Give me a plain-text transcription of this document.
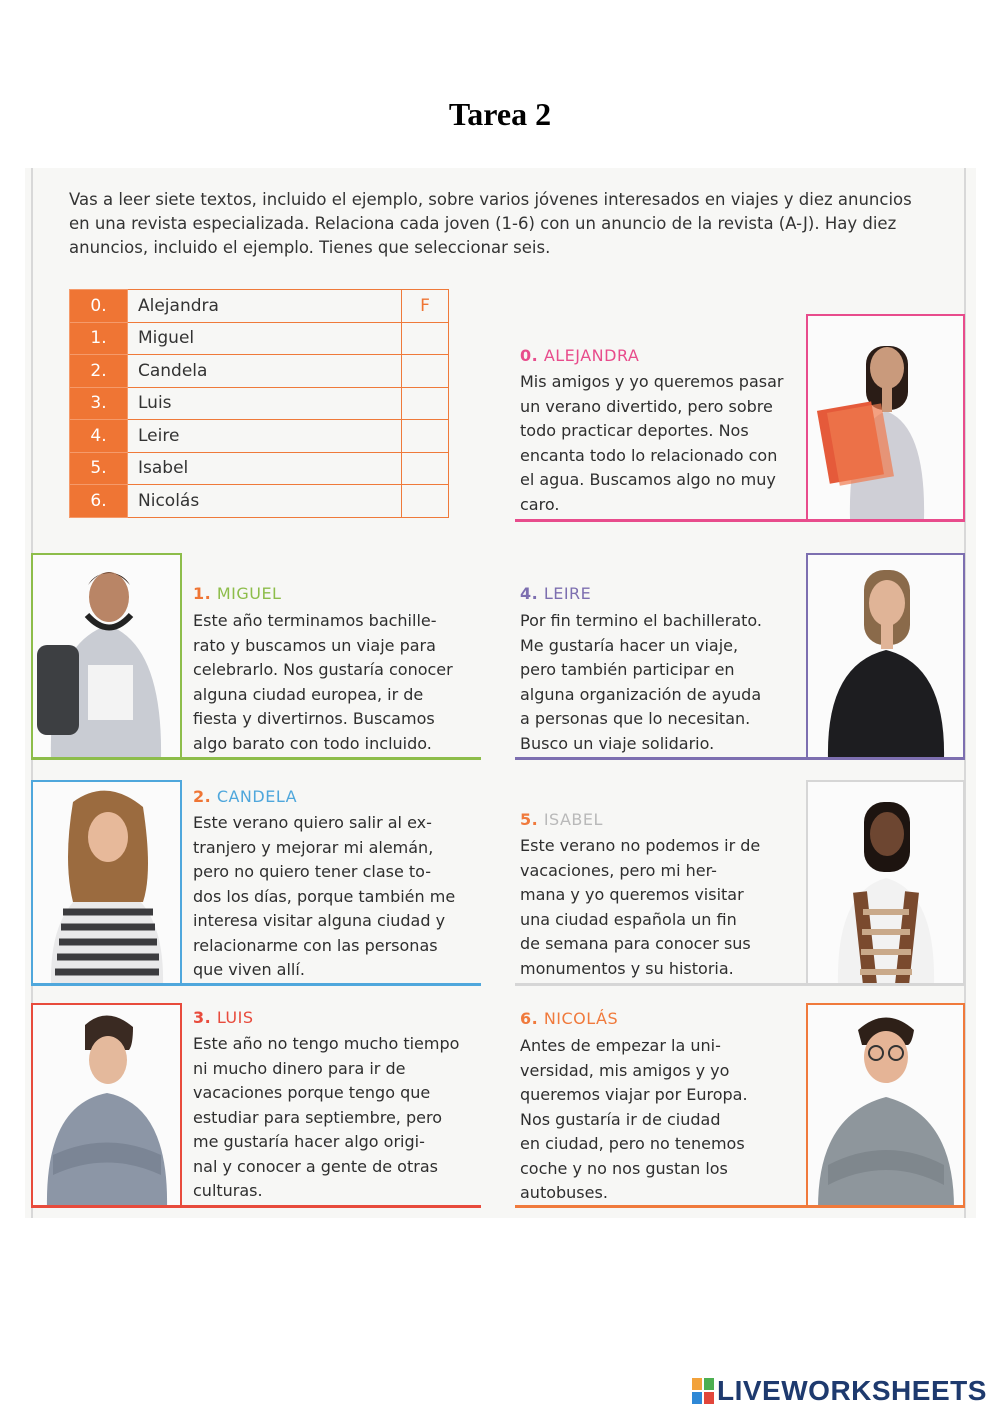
Tarea 2
Vas a leer siete textos, incluido el ejemplo, sobre varios jóvenes interesados en viajes y diez anuncios en una revista especializada. Relaciona cada joven (1-6) con un anuncio de la revista (A-J). Hay diez anuncios, incluido el ejemplo. Tienes que seleccionar seis.
0.	Alejandra	F
1.	Miguel	
2.	Candela	
3.	Luis	
4.	Leire	
5.	Isabel	
6.	Nicolás	
0. ALEJANDRA
Mis amigos y yo queremos pasar
un verano divertido, pero sobre
todo practicar deportes. Nos
encanta todo lo relacionado con
el agua. Buscamos algo no muy
caro.
1. MIGUEL
Este año terminamos bachille-
rato y buscamos un viaje para
celebrarlo. Nos gustaría conocer
alguna ciudad europea, ir de
fiesta y divertirnos. Buscamos
algo barato con todo incluido.
4. LEIRE
Por fin termino el bachillerato.
Me gustaría hacer un viaje,
pero también participar en
alguna organización de ayuda
a personas que lo necesitan.
Busco un viaje solidario.
2. CANDELA
Este verano quiero salir al ex-
tranjero y mejorar mi alemán,
pero no quiero tener clase to-
dos los días, porque también me
interesa visitar alguna ciudad y
relacionarme con las personas
que viven allí.
5. ISABEL
Este verano no podemos ir de
vacaciones, pero mi her-
mana y yo queremos visitar
una ciudad española un fin
de semana para conocer sus
monumentos y su historia.
3. LUIS
Este año no tengo mucho tiempo
ni mucho dinero para ir de
vacaciones porque tengo que
estudiar para septiembre, pero
me gustaría hacer algo origi-
nal y conocer a gente de otras
culturas.
6. NICOLÁS
Antes de empezar la uni-
versidad, mis amigos y yo
queremos viajar por Europa.
Nos gustaría ir de ciudad
en ciudad, pero no tenemos
coche y no nos gustan los
autobuses.
LIVEWORKSHEETS
